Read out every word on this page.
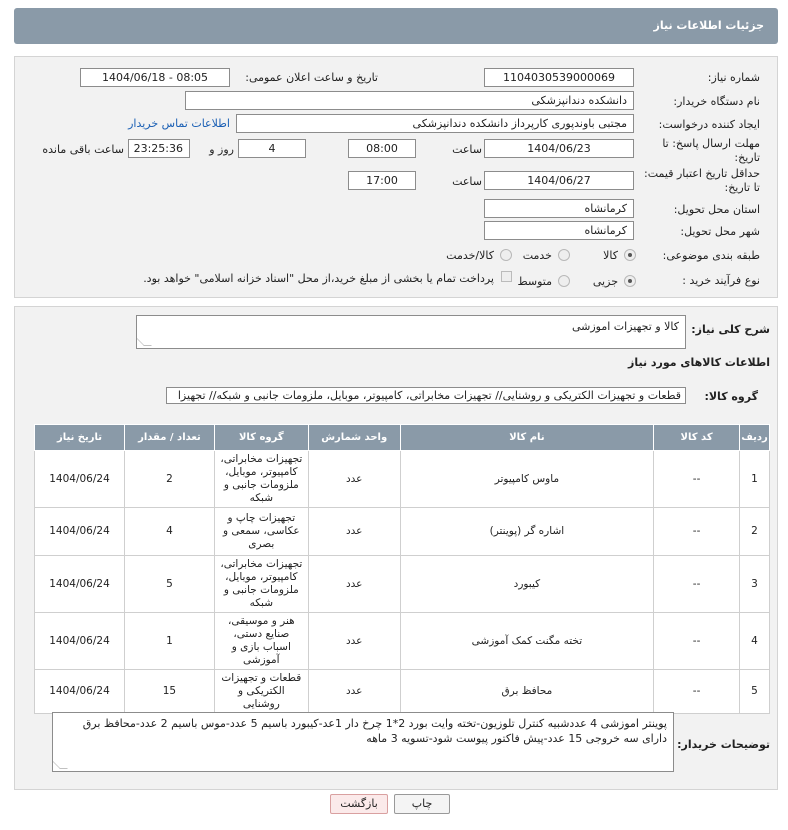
جزئیات اطلاعات نیاز
شماره نیاز:
1104030539000069
تاریخ و ساعت اعلان عمومی:
1404/06/18 - 08:05
نام دستگاه خریدار:
دانشکده دندانپزشکی
ایجاد کننده درخواست:
مجتبی باوندپوری کارپرداز دانشکده دندانپزشکی
اطلاعات تماس خریدار
مهلت ارسال پاسخ: تا تاریخ:
1404/06/23
ساعت
08:00
4
روز و
23:25:36
ساعت باقی مانده
حداقل تاریخ اعتبار قیمت: تا تاریخ:
1404/06/27
ساعت
17:00
استان محل تحویل:
کرمانشاه
شهر محل تحویل:
کرمانشاه
طبقه بندی موضوعی:
کالا
خدمت
کالا/خدمت
نوع فرآیند خرید :
جزیی
متوسط
پرداخت تمام یا بخشی از مبلغ خرید،از محل "اسناد خزانه اسلامی" خواهد بود.
شرح کلی نیاز:
کالا و تجهیزات اموزشی
اطلاعات کالاهای مورد نیاز
گروه کالا:
قطعات و تجهیزات الکتریکی و روشنایی// تجهیزات مخابراتی، کامپیوتر، موبایل، ملزومات جانبی و شبکه// تجهیزا
ردیف	کد کالا	نام کالا	واحد شمارش	گروه کالا	تعداد / مقدار	تاریخ نیاز
1	--	ماوس کامپیوتر	عدد	تجهیزات مخابراتی، کامپیوتر، موبایل، ملزومات جانبی و شبکه	2	1404/06/24
2	--	اشاره گر (پوینتر)	عدد	تجهیزات چاپ و عکاسی، سمعی و بصری	4	1404/06/24
3	--	کیبورد	عدد	تجهیزات مخابراتی، کامپیوتر، موبایل، ملزومات جانبی و شبکه	5	1404/06/24
4	--	تخته مگنت کمک آموزشی	عدد	هنر و موسیقی، صنایع دستی، اسباب بازی و آموزشی	1	1404/06/24
5	--	محافظ برق	عدد	قطعات و تجهیزات الکتریکی و روشنایی	15	1404/06/24
توضیحات خریدار:
پوینتر اموزشی 4 عددشبیه کنترل تلوزیون-تخته وایت بورد 2*1 چرخ دار 1عد-کیبورد باسیم 5 عدد-موس باسیم 2 عدد-محافظ برق دارای سه خروجی 15 عدد-پیش فاکتور پیوست شود-تسویه 3 ماهه
چاپ
بازگشت
